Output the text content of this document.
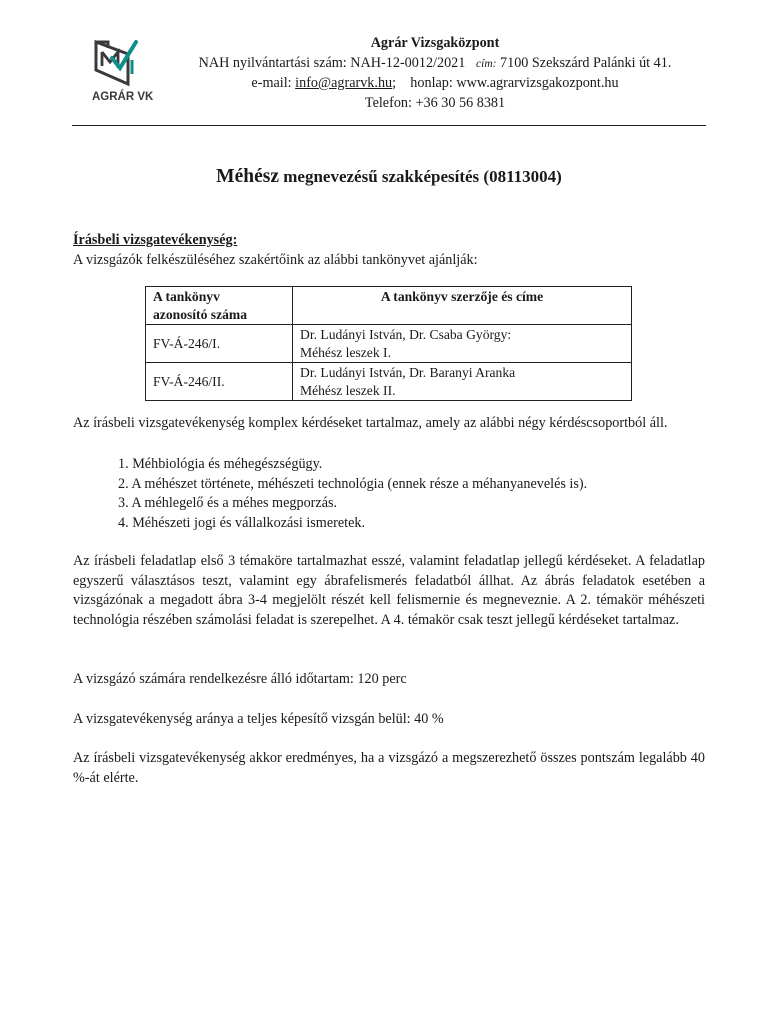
AGRÁR VK
Agrár Vizsgaközpont
NAH nyilvántartási szám: NAH-12-0012/2021 cím: 7100 Szekszárd Palánki út 41.
e-mail: info@agrarvk.hu;    honlap: www.agrarvizsgakozpont.hu
Telefon: +36 30 56 8381
Méhész megnevezésű szakképesítés (08113004)
Írásbeli vizsgatevékenység:
A vizsgázók felkészüléséhez szakértőink az alábbi tankönyvet ajánlják:
A tankönyv
azonosító száma	A tankönyv szerzője és címe
FV-Á-246/I.	Dr. Ludányi István, Dr. Csaba György:
Méhész leszek I.
FV-Á-246/II.	Dr. Ludányi István, Dr. Baranyi Aranka
Méhész leszek II.
Az írásbeli vizsgatevékenység komplex kérdéseket tartalmaz, amely az alábbi négy kérdéscsoportból áll.
1. Méhbiológia és méhegészségügy.
2. A méhészet története, méhészeti technológia (ennek része a méhanyanevelés is).
3. A méhlegelő és a méhes megporzás.
4. Méhészeti jogi és vállalkozási ismeretek.
Az írásbeli feladatlap első 3 témaköre tartalmazhat esszé, valamint feladatlap jellegű kérdéseket. A feladatlap egyszerű választásos teszt, valamint egy ábrafelismerés feladatból állhat. Az ábrás feladatok esetében a vizsgázónak a megadott ábra 3-4 megjelölt részét kell felismernie és megneveznie. A 2. témakör méhészeti technológia részében számolási feladat is szerepelhet. A 4. témakör csak teszt jellegű kérdéseket tartalmaz.
A vizsgázó számára rendelkezésre álló időtartam: 120 perc
A vizsgatevékenység aránya a teljes képesítő vizsgán belül: 40 %
Az írásbeli vizsgatevékenység akkor eredményes, ha a vizsgázó a megszerezhető összes pontszám legalább 40 %-át elérte.
